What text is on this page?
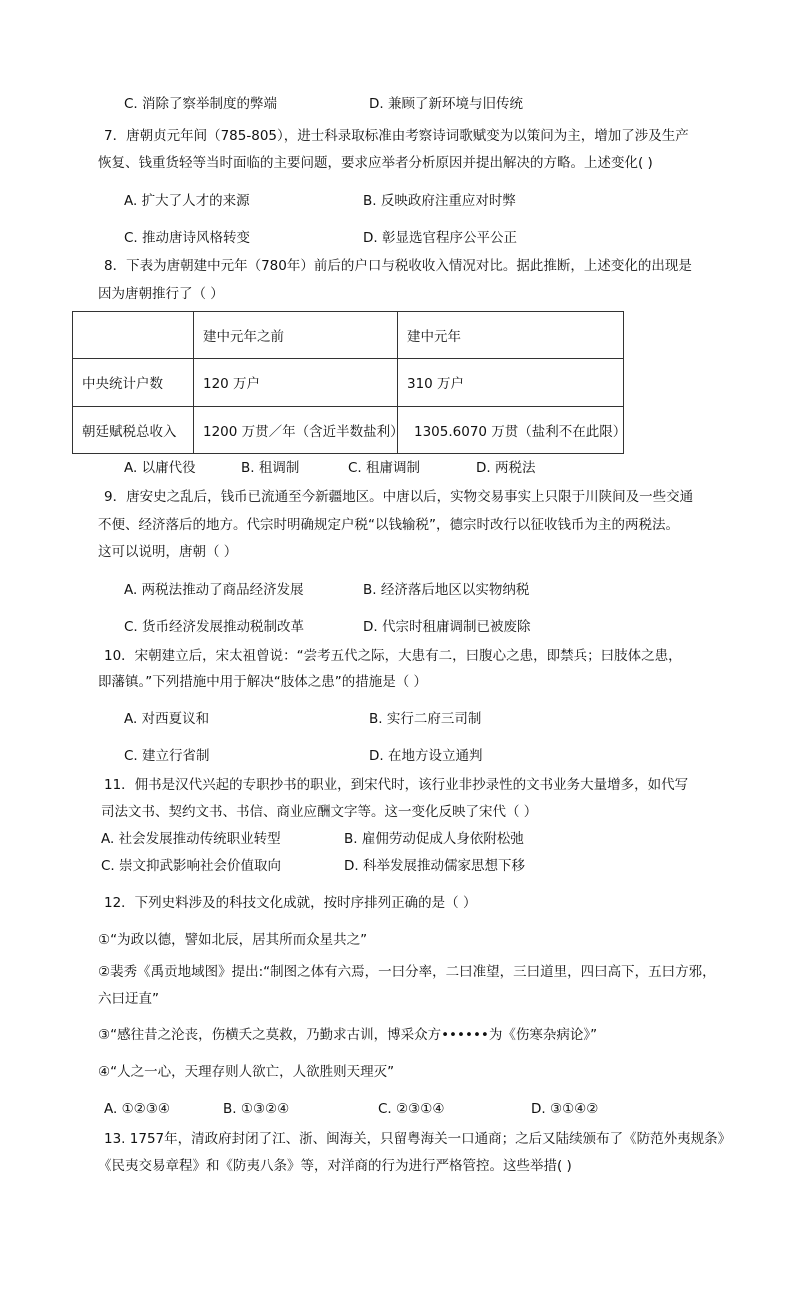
C. 消除了察举制度的弊端	D. 兼顾了新环境与旧传统
7．唐朝贞元年间（785-805），进士科录取标准由考察诗词歌赋变为以策问为主，增加了涉及生产
恢复、钱重货轻等当时面临的主要问题，要求应举者分析原因并提出解决的方略。上述变化( )
A. 扩大了人才的来源	B. 反映政府注重应对时弊
C. 推动唐诗风格转变	D. 彰显选官程序公平公正
8．下表为唐朝建中元年（780年）前后的户口与税收收入情况对比。据此推断，上述变化的出现是
因为唐朝推行了（ ）
	建中元年之前	建中元年
中央统计户数	120 万户	310 万户
朝廷赋税总收入	1200 万贯／年（含近半数盐利）	1305.6070 万贯（盐利不在此限）
A. 以庸代役	B. 租调制	C. 租庸调制	D. 两税法
9．唐安史之乱后，钱币已流通至今新疆地区。中唐以后，实物交易事实上只限于川陕间及一些交通
不便、经济落后的地方。代宗时明确规定户税“以钱输税”，德宗时改行以征收钱币为主的两税法。
这可以说明，唐朝（ ）
A. 两税法推动了商品经济发展	B. 经济落后地区以实物纳税
C. 货币经济发展推动税制改革	D. 代宗时租庸调制已被废除
10．宋朝建立后，宋太祖曾说：“尝考五代之际，大患有二，曰腹心之患，即禁兵；曰肢体之患，
即藩镇。”下列措施中用于解决“肢体之患”的措施是（ ）
A. 对西夏议和	B. 实行二府三司制
C. 建立行省制	D. 在地方设立通判
11．佣书是汉代兴起的专职抄书的职业，到宋代时，该行业非抄录性的文书业务大量增多，如代写
司法文书、契约文书、书信、商业应酬文字等。这一变化反映了宋代（ ）
A. 社会发展推动传统职业转型	B. 雇佣劳动促成人身依附松弛
C. 崇文抑武影响社会价值取向	D. 科举发展推动儒家思想下移
12．下列史料涉及的科技文化成就，按时序排列正确的是（ ）
①“为政以德，譬如北辰，居其所而众星共之”
②裴秀《禹贡地域图》提出:“制图之体有六焉，一曰分率，二曰准望，三曰道里，四曰高下，五曰方邪，
六曰迂直”
③“感往昔之沦丧，伤横夭之莫救，乃勤求古训，博采众方••••••为《伤寒杂病论》”
④“人之一心，天理存则人欲亡，人欲胜则天理灭”
A. ①②③④	B. ①③②④	C. ②③①④	D. ③①④②
13. 1757年，清政府封闭了江、浙、闽海关，只留粤海关一口通商；之后又陆续颁布了《防范外夷规条》
《民夷交易章程》和《防夷八条》等，对洋商的行为进行严格管控。这些举措( )
